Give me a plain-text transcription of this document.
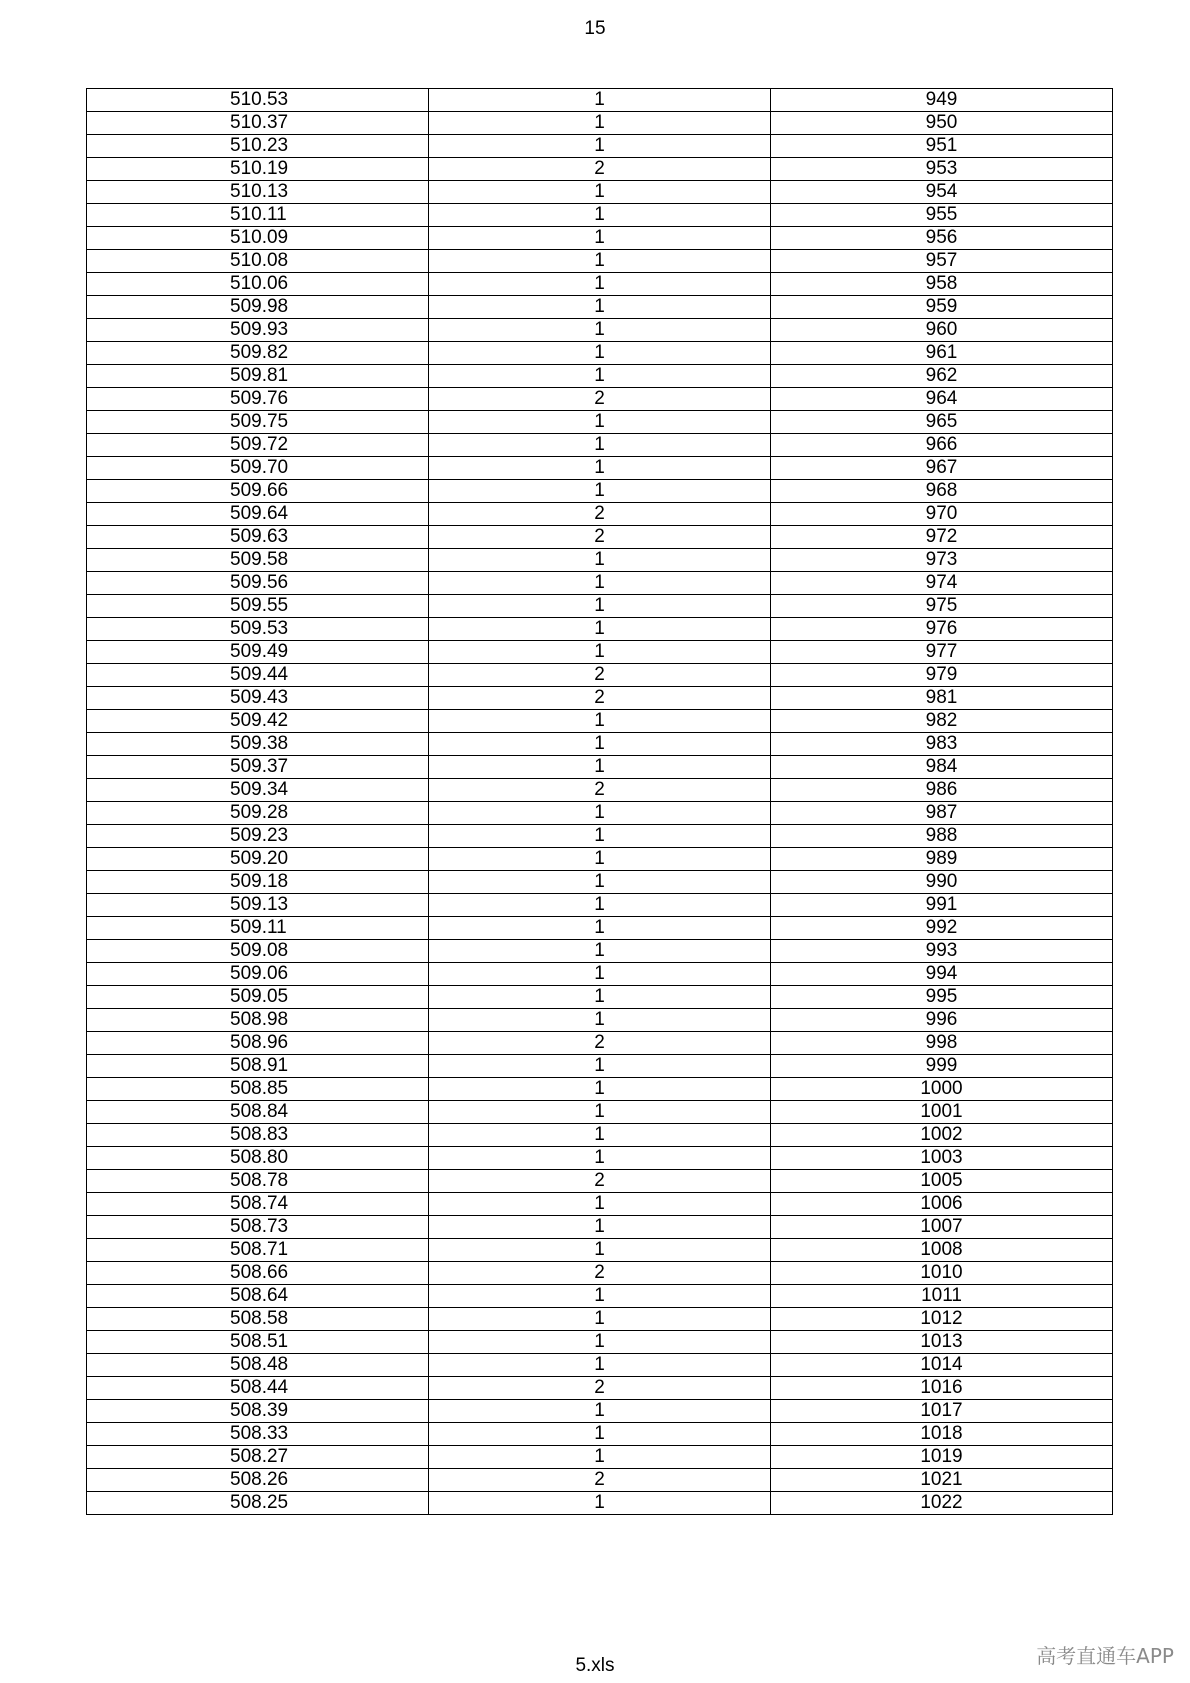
15
510.53	1	949
510.37	1	950
510.23	1	951
510.19	2	953
510.13	1	954
510.11	1	955
510.09	1	956
510.08	1	957
510.06	1	958
509.98	1	959
509.93	1	960
509.82	1	961
509.81	1	962
509.76	2	964
509.75	1	965
509.72	1	966
509.70	1	967
509.66	1	968
509.64	2	970
509.63	2	972
509.58	1	973
509.56	1	974
509.55	1	975
509.53	1	976
509.49	1	977
509.44	2	979
509.43	2	981
509.42	1	982
509.38	1	983
509.37	1	984
509.34	2	986
509.28	1	987
509.23	1	988
509.20	1	989
509.18	1	990
509.13	1	991
509.11	1	992
509.08	1	993
509.06	1	994
509.05	1	995
508.98	1	996
508.96	2	998
508.91	1	999
508.85	1	1000
508.84	1	1001
508.83	1	1002
508.80	1	1003
508.78	2	1005
508.74	1	1006
508.73	1	1007
508.71	1	1008
508.66	2	1010
508.64	1	1011
508.58	1	1012
508.51	1	1013
508.48	1	1014
508.44	2	1016
508.39	1	1017
508.33	1	1018
508.27	1	1019
508.26	2	1021
508.25	1	1022
5.xls	高考直通车APP
